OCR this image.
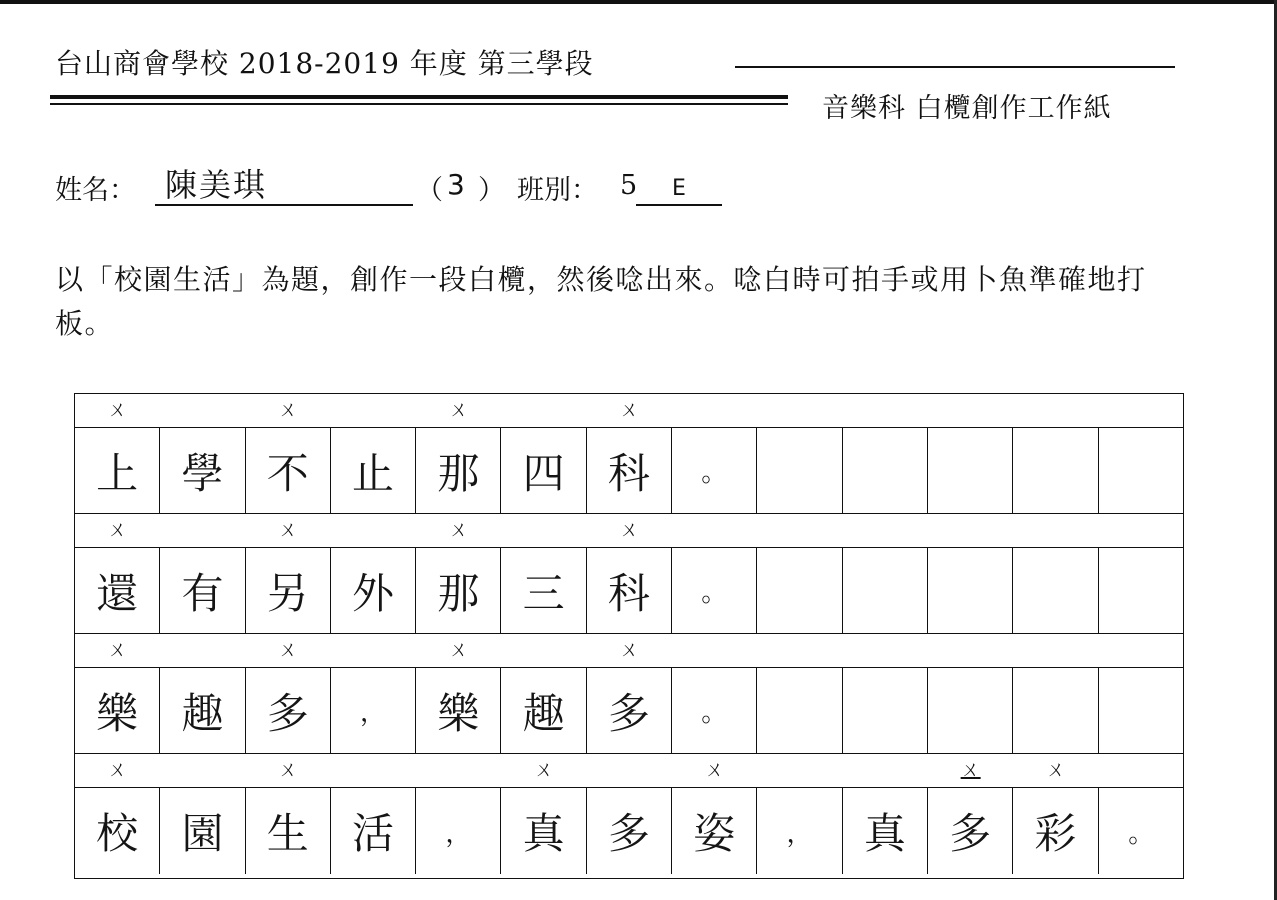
台山商會學校 2018-2019 年度 第三學段
音樂科 白欖創作工作紙
姓名： 陳美琪	（ 3 ） 班別： 5 E
以「校園生活」為題，創作一段白欖，然後唸出來。唸白時可拍手或用卜魚準確地打板。
ㄨ	ㄨ	ㄨ	ㄨ
上	學	不	止	那	四	科	。
ㄨ	ㄨ	ㄨ	ㄨ
還	有	另	外	那	三	科	。
ㄨ	ㄨ	ㄨ	ㄨ
樂	趣	多	，	樂	趣	多	。
ㄨ	ㄨ	ㄨ	ㄨ	ㄨ	ㄨ
校	園	生	活	，	真	多	姿	，	真	多	彩	。
